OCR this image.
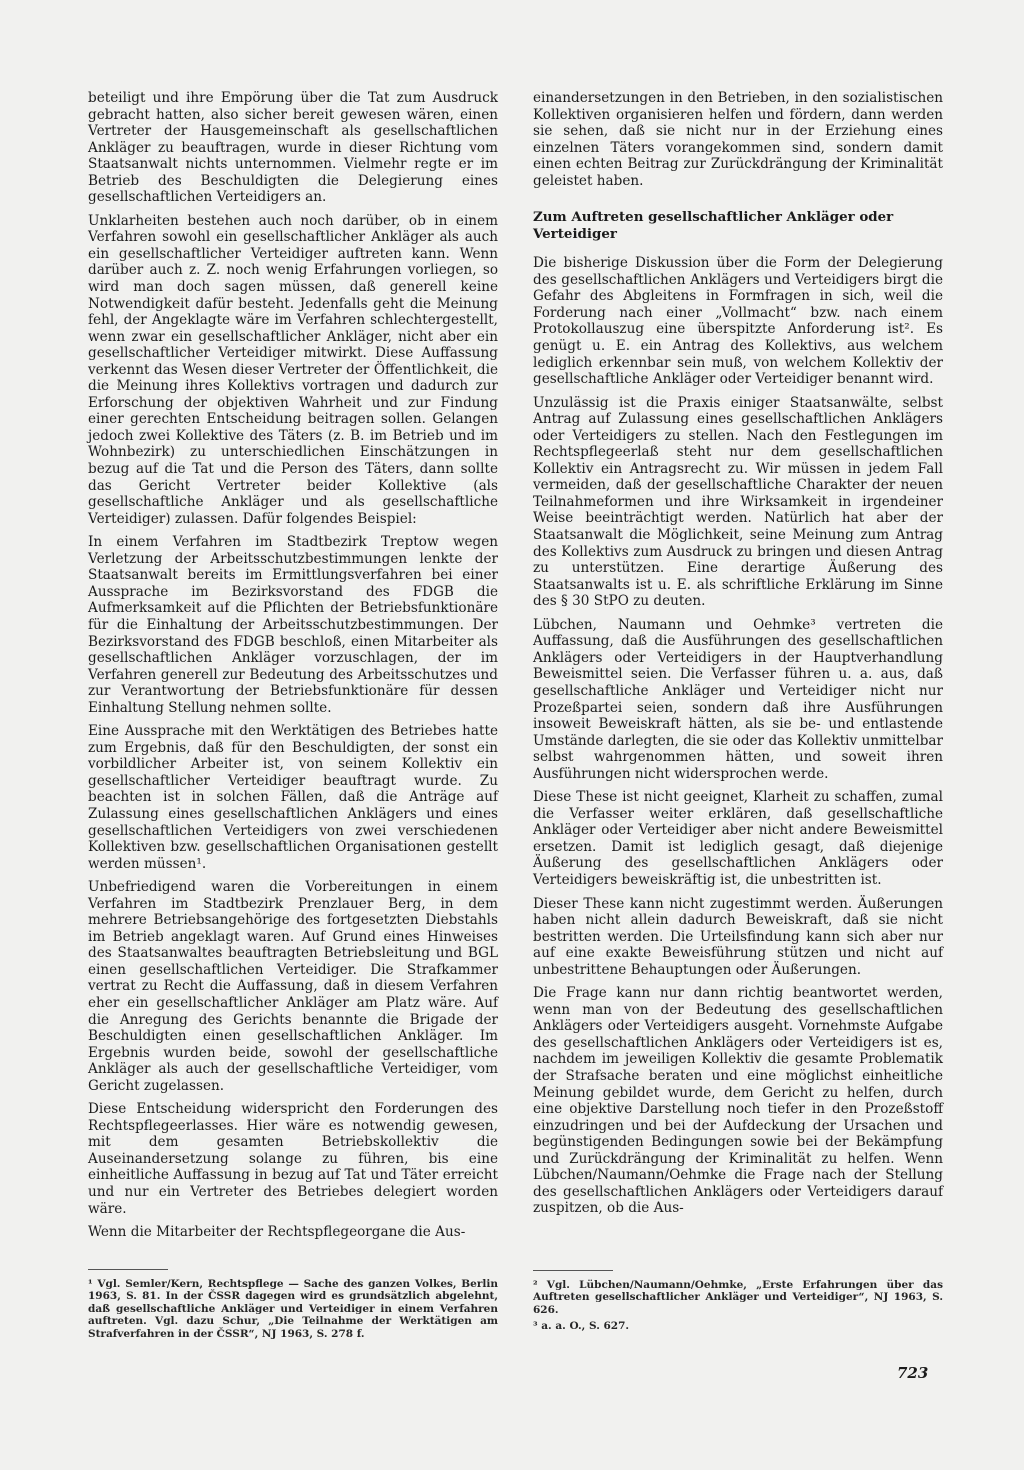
beteiligt und ihre Empörung über die Tat zum Ausdruck gebracht hatten, also sicher bereit gewesen wären, einen Vertreter der Hausgemeinschaft als gesellschaftlichen Ankläger zu beauftragen, wurde in dieser Richtung vom Staatsanwalt nichts unternommen. Vielmehr regte er im Betrieb des Beschuldigten die Delegierung eines gesellschaftlichen Verteidigers an.

Unklarheiten bestehen auch noch darüber, ob in einem Verfahren sowohl ein gesellschaftlicher Ankläger als auch ein gesellschaftlicher Verteidiger auftreten kann. Wenn darüber auch z. Z. noch wenig Erfahrungen vorliegen, so wird man doch sagen müssen, daß generell keine Notwendigkeit dafür besteht. Jedenfalls geht die Meinung fehl, der Angeklagte wäre im Verfahren schlechtergestellt, wenn zwar ein gesellschaftlicher Ankläger, nicht aber ein gesellschaftlicher Verteidiger mitwirkt. Diese Auffassung verkennt das Wesen dieser Vertreter der Öffentlichkeit, die die Meinung ihres Kollektivs vortragen und dadurch zur Erforschung der objektiven Wahrheit und zur Findung einer gerechten Entscheidung beitragen sollen. Gelangen jedoch zwei Kollektive des Täters (z. B. im Betrieb und im Wohnbezirk) zu unterschiedlichen Einschätzungen in bezug auf die Tat und die Person des Täters, dann sollte das Gericht Vertreter beider Kollektive (als gesellschaftliche Ankläger und als gesellschaftliche Verteidiger) zulassen. Dafür folgendes Beispiel:

In einem Verfahren im Stadtbezirk Treptow wegen Verletzung der Arbeitsschutzbestimmungen lenkte der Staatsanwalt bereits im Ermittlungsverfahren bei einer Aussprache im Bezirksvorstand des FDGB die Aufmerksamkeit auf die Pflichten der Betriebsfunktionäre für die Einhaltung der Arbeitsschutzbestimmungen. Der Bezirksvorstand des FDGB beschloß, einen Mitarbeiter als gesellschaftlichen Ankläger vorzuschlagen, der im Verfahren generell zur Bedeutung des Arbeitsschutzes und zur Verantwortung der Betriebsfunktionäre für dessen Einhaltung Stellung nehmen sollte.

Eine Aussprache mit den Werktätigen des Betriebes hatte zum Ergebnis, daß für den Beschuldigten, der sonst ein vorbildlicher Arbeiter ist, von seinem Kollektiv ein gesellschaftlicher Verteidiger beauftragt wurde. Zu beachten ist in solchen Fällen, daß die Anträge auf Zulassung eines gesellschaftlichen Anklägers und eines gesellschaftlichen Verteidigers von zwei verschiedenen Kollektiven bzw. gesellschaftlichen Organisationen gestellt werden müssen¹.

Unbefriedigend waren die Vorbereitungen in einem Verfahren im Stadtbezirk Prenzlauer Berg, in dem mehrere Betriebsangehörige des fortgesetzten Diebstahls im Betrieb angeklagt waren. Auf Grund eines Hinweises des Staatsanwaltes beauftragten Betriebsleitung und BGL einen gesellschaftlichen Verteidiger. Die Strafkammer vertrat zu Recht die Auffassung, daß in diesem Verfahren eher ein gesellschaftlicher Ankläger am Platz wäre. Auf die Anregung des Gerichts benannte die Brigade der Beschuldigten einen gesellschaftlichen Ankläger. Im Ergebnis wurden beide, sowohl der gesellschaftliche Ankläger als auch der gesellschaftliche Verteidiger, vom Gericht zugelassen.

Diese Entscheidung widerspricht den Forderungen des Rechtspflegeerlasses. Hier wäre es notwendig gewesen, mit dem gesamten Betriebskollektiv die Auseinandersetzung solange zu führen, bis eine einheitliche Auffassung in bezug auf Tat und Täter erreicht und nur ein Vertreter des Betriebes delegiert worden wäre.

Wenn die Mitarbeiter der Rechtspflegeorgane die Aus-

einandersetzungen in den Betrieben, in den sozialistischen Kollektiven organisieren helfen und fördern, dann werden sie sehen, daß sie nicht nur in der Erziehung eines einzelnen Täters vorangekommen sind, sondern damit einen echten Beitrag zur Zurückdrängung der Kriminalität geleistet haben.

Zum Auftreten gesellschaftlicher Ankläger oder Verteidiger

Die bisherige Diskussion über die Form der Delegierung des gesellschaftlichen Anklägers und Verteidigers birgt die Gefahr des Abgleitens in Formfragen in sich, weil die Forderung nach einer „Vollmacht“ bzw. nach einem Protokollauszug eine überspitzte Anforderung ist². Es genügt u. E. ein Antrag des Kollektivs, aus welchem lediglich erkennbar sein muß, von welchem Kollektiv der gesellschaftliche Ankläger oder Verteidiger benannt wird.

Unzulässig ist die Praxis einiger Staatsanwälte, selbst Antrag auf Zulassung eines gesellschaftlichen Anklägers oder Verteidigers zu stellen. Nach den Festlegungen im Rechtspflegeerlaß steht nur dem gesellschaftlichen Kollektiv ein Antragsrecht zu. Wir müssen in jedem Fall vermeiden, daß der gesellschaftliche Charakter der neuen Teilnahmeformen und ihre Wirksamkeit in irgendeiner Weise beeinträchtigt werden. Natürlich hat aber der Staatsanwalt die Möglichkeit, seine Meinung zum Antrag des Kollektivs zum Ausdruck zu bringen und diesen Antrag zu unterstützen. Eine derartige Äußerung des Staatsanwalts ist u. E. als schriftliche Erklärung im Sinne des § 30 StPO zu deuten.

Lübchen, Naumann und Oehmke³ vertreten die Auffassung, daß die Ausführungen des gesellschaftlichen Anklägers oder Verteidigers in der Hauptverhandlung Beweismittel seien. Die Verfasser führen u. a. aus, daß gesellschaftliche Ankläger und Verteidiger nicht nur Prozeßpartei seien, sondern daß ihre Ausführungen insoweit Beweiskraft hätten, als sie be- und entlastende Umstände darlegten, die sie oder das Kollektiv unmittelbar selbst wahrgenommen hätten, und soweit ihren Ausführungen nicht widersprochen werde.

Diese These ist nicht geeignet, Klarheit zu schaffen, zumal die Verfasser weiter erklären, daß gesellschaftliche Ankläger oder Verteidiger aber nicht andere Beweismittel ersetzen. Damit ist lediglich gesagt, daß diejenige Äußerung des gesellschaftlichen Anklägers oder Verteidigers beweiskräftig ist, die unbestritten ist.

Dieser These kann nicht zugestimmt werden. Äußerungen haben nicht allein dadurch Beweiskraft, daß sie nicht bestritten werden. Die Urteilsfindung kann sich aber nur auf eine exakte Beweisführung stützen und nicht auf unbestrittene Behauptungen oder Äußerungen.

Die Frage kann nur dann richtig beantwortet werden, wenn man von der Bedeutung des gesellschaftlichen Anklägers oder Verteidigers ausgeht. Vornehmste Aufgabe des gesellschaftlichen Anklägers oder Verteidigers ist es, nachdem im jeweiligen Kollektiv die gesamte Problematik der Strafsache beraten und eine möglichst einheitliche Meinung gebildet wurde, dem Gericht zu helfen, durch eine objektive Darstellung noch tiefer in den Prozeßstoff einzudringen und bei der Aufdeckung der Ursachen und begünstigenden Bedingungen sowie bei der Bekämpfung und Zurückdrängung der Kriminalität zu helfen. Wenn Lübchen/Naumann/Oehmke die Frage nach der Stellung des gesellschaftlichen Anklägers oder Verteidigers darauf zuspitzen, ob die Aus-

¹ Vgl. Semler/Kern, Rechtspflege — Sache des ganzen Volkes, Berlin 1963, S. 81. In der ČSSR dagegen wird es grundsätzlich abgelehnt, daß gesellschaftliche Ankläger und Verteidiger in einem Verfahren auftreten. Vgl. dazu Schur, „Die Teilnahme der Werktätigen am Strafverfahren in der ČSSR“, NJ 1963, S. 278 f.

² Vgl. Lübchen/Naumann/Oehmke, „Erste Erfahrungen über das Auftreten gesellschaftlicher Ankläger und Verteidiger“, NJ 1963, S. 626.

³ a. a. O., S. 627.

723
